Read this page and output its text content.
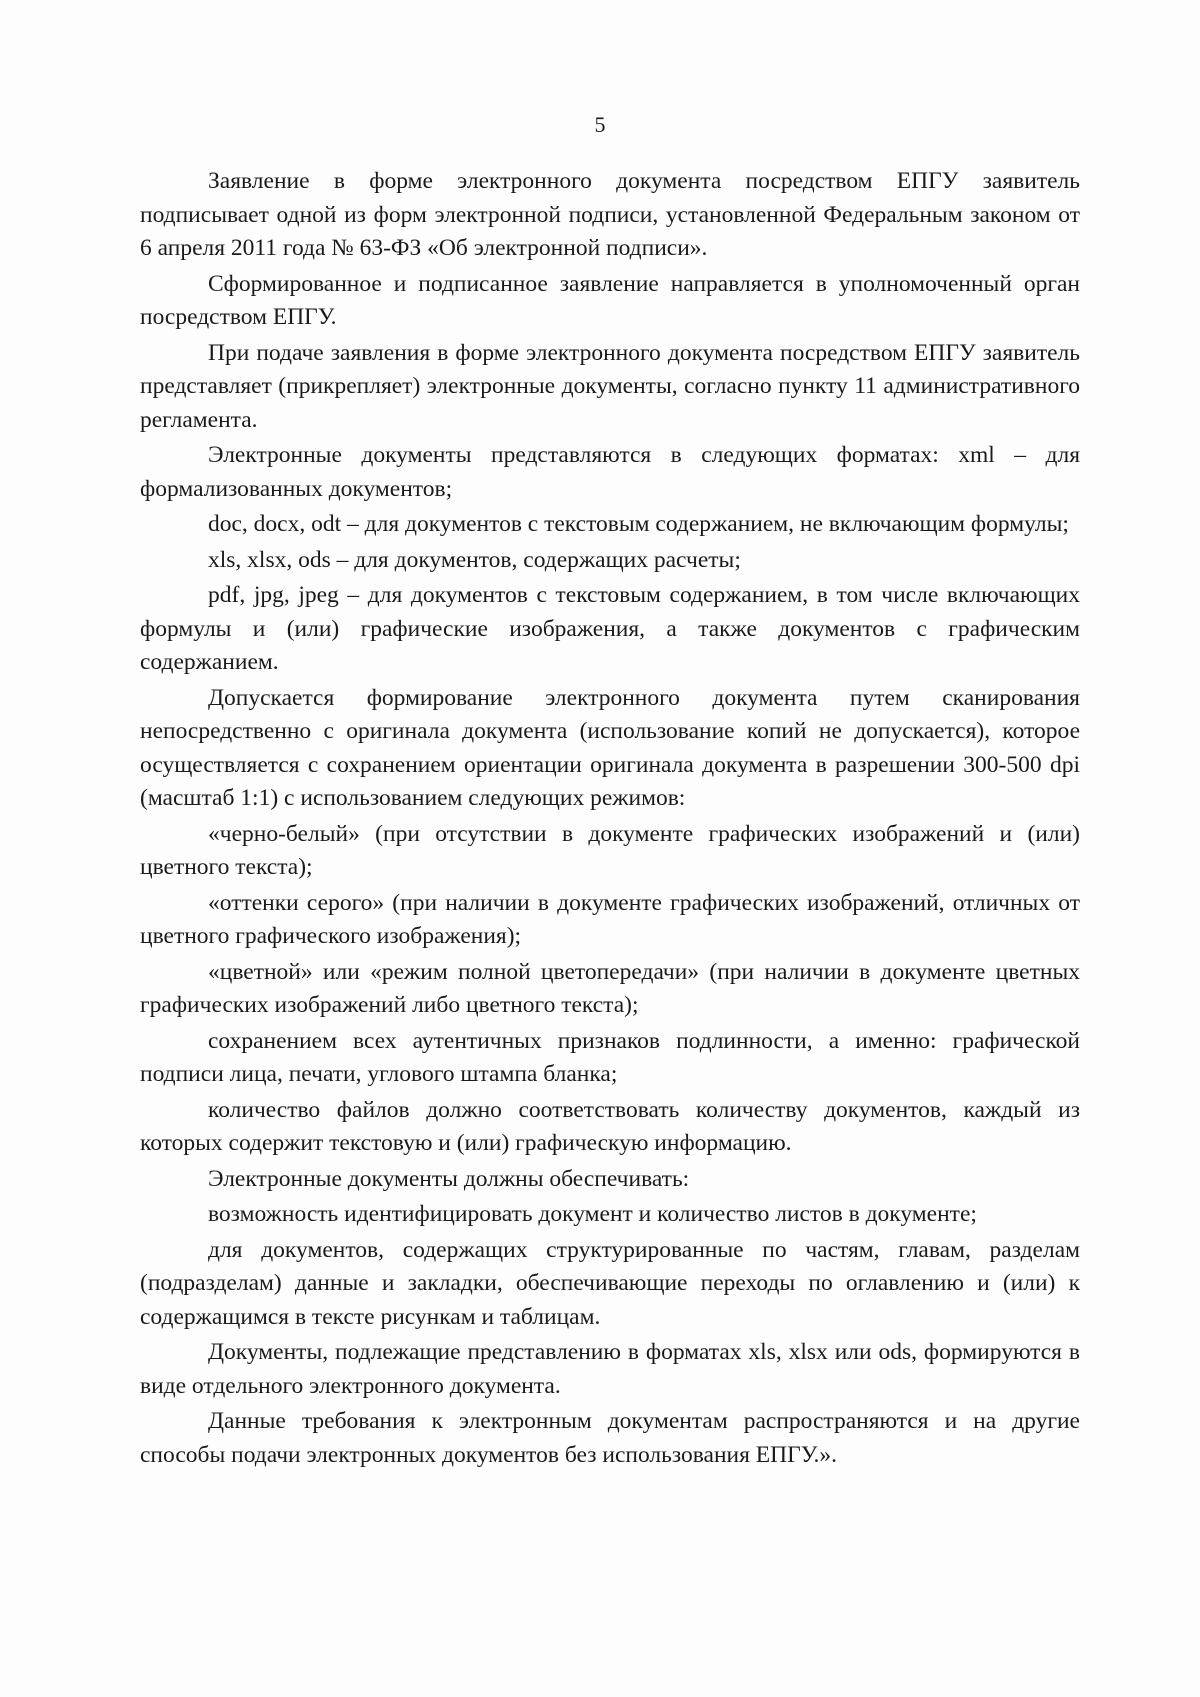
5

Заявление в форме электронного документа посредством ЕПГУ заявитель подписывает одной из форм электронной подписи, установленной Федеральным законом от 6 апреля 2011 года № 63-ФЗ «Об электронной подписи».

Сформированное и подписанное заявление направляется в уполномоченный орган посредством ЕПГУ.

При подаче заявления в форме электронного документа посредством ЕПГУ заявитель представляет (прикрепляет) электронные документы, согласно пункту 11 административного регламента.

Электронные документы представляются в следующих форматах: xml – для формализованных документов;

doc, docx, odt – для документов с текстовым содержанием, не включающим формулы;

xls, xlsx, ods – для документов, содержащих расчеты;

pdf, jpg, jpeg – для документов с текстовым содержанием, в том числе включающих формулы и (или) графические изображения, а также документов с графическим содержанием.

Допускается формирование электронного документа путем сканирования непосредственно с оригинала документа (использование копий не допускается), которое осуществляется с сохранением ориентации оригинала документа в разрешении 300-500 dpi (масштаб 1:1) с использованием следующих режимов:

«черно-белый» (при отсутствии в документе графических изображений и (или) цветного текста);

«оттенки серого» (при наличии в документе графических изображений, отличных от цветного графического изображения);

«цветной» или «режим полной цветопередачи» (при наличии в документе цветных графических изображений либо цветного текста);

сохранением всех аутентичных признаков подлинности, а именно: графической подписи лица, печати, углового штампа бланка;

количество файлов должно соответствовать количеству документов, каждый из которых содержит текстовую и (или) графическую информацию.

Электронные документы должны обеспечивать:

возможность идентифицировать документ и количество листов в документе;

для документов, содержащих структурированные по частям, главам, разделам (подразделам) данные и закладки, обеспечивающие переходы по оглавлению и (или) к содержащимся в тексте рисункам и таблицам.

Документы, подлежащие представлению в форматах xls, xlsx или ods, формируются в виде отдельного электронного документа.

Данные требования к электронным документам распространяются и на другие способы подачи электронных документов без использования ЕПГУ.».
